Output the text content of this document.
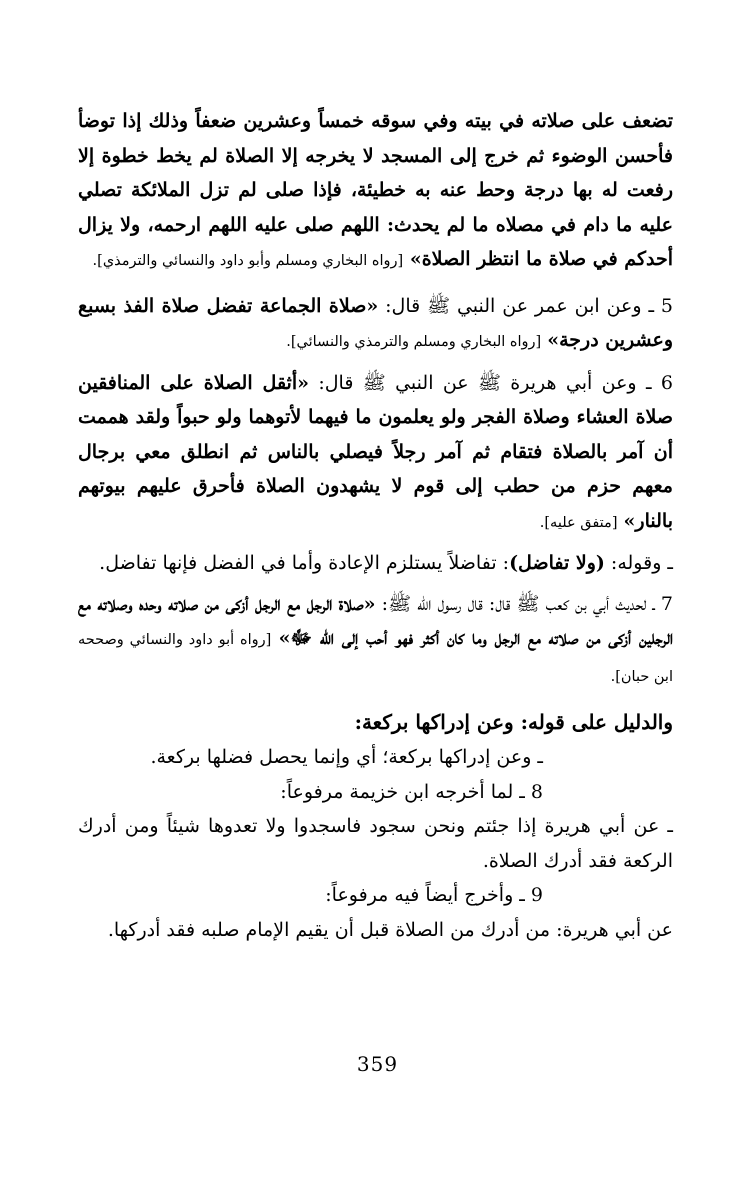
تضعف على صلاته في بيته وفي سوقه خمساً وعشرين ضعفاً وذلك إذا توضأ فأحسن الوضوء ثم خرج إلى المسجد لا يخرجه إلا الصلاة لم يخط خطوة إلا رفعت له بها درجة وحط عنه به خطيئة، فإذا صلى لم تزل الملائكة تصلي عليه ما دام في مصلاه ما لم يحدث: اللهم صلى عليه اللهم ارحمه، ولا يزال أحدكم في صلاة ما انتظر الصلاة» [رواه البخاري ومسلم وأبو داود والنسائي والترمذي].

5 ـ وعن ابن عمر عن النبي ﷺ قال: «صلاة الجماعة تفضل صلاة الفذ بسبع وعشرين درجة» [رواه البخاري ومسلم والترمذي والنسائي].

6 ـ وعن أبي هريرة ﷺ عن النبي ﷺ قال: «أثقل الصلاة على المنافقين صلاة العشاء وصلاة الفجر ولو يعلمون ما فيهما لأتوهما ولو حبواً ولقد هممت أن آمر بالصلاة فتقام ثم آمر رجلاً فيصلي بالناس ثم انطلق معي برجال معهم حزم من حطب إلى قوم لا يشهدون الصلاة فأحرق عليهم بيوتهم بالنار» [متفق عليه].

ـ وقوله: (ولا تفاضل): تفاضلاً يستلزم الإعادة وأما في الفضل فإنها تفاضل.

7 ـ لحديث أبي بن كعب ﷺ قال: قال رسول الله ﷺ: «صلاة الرجل مع الرجل أزكى من صلاته وحده وصلاته مع الرجلين أزكى من صلاته مع الرجل وما كان أكثر فهو أحب إلى الله ﷻ» [رواه أبو داود والنسائي وصححه ابن حبان].

والدليل على قوله: وعن إدراكها بركعة:

ـ وعن إدراكها بركعة؛ أي وإنما يحصل فضلها بركعة.

8 ـ لما أخرجه ابن خزيمة مرفوعاً:

ـ عن أبي هريرة إذا جئتم ونحن سجود فاسجدوا ولا تعدوها شيئاً ومن أدرك الركعة فقد أدرك الصلاة.

9 ـ وأخرج أيضاً فيه مرفوعاً:

عن أبي هريرة: من أدرك من الصلاة قبل أن يقيم الإمام صلبه فقد أدركها.

359
